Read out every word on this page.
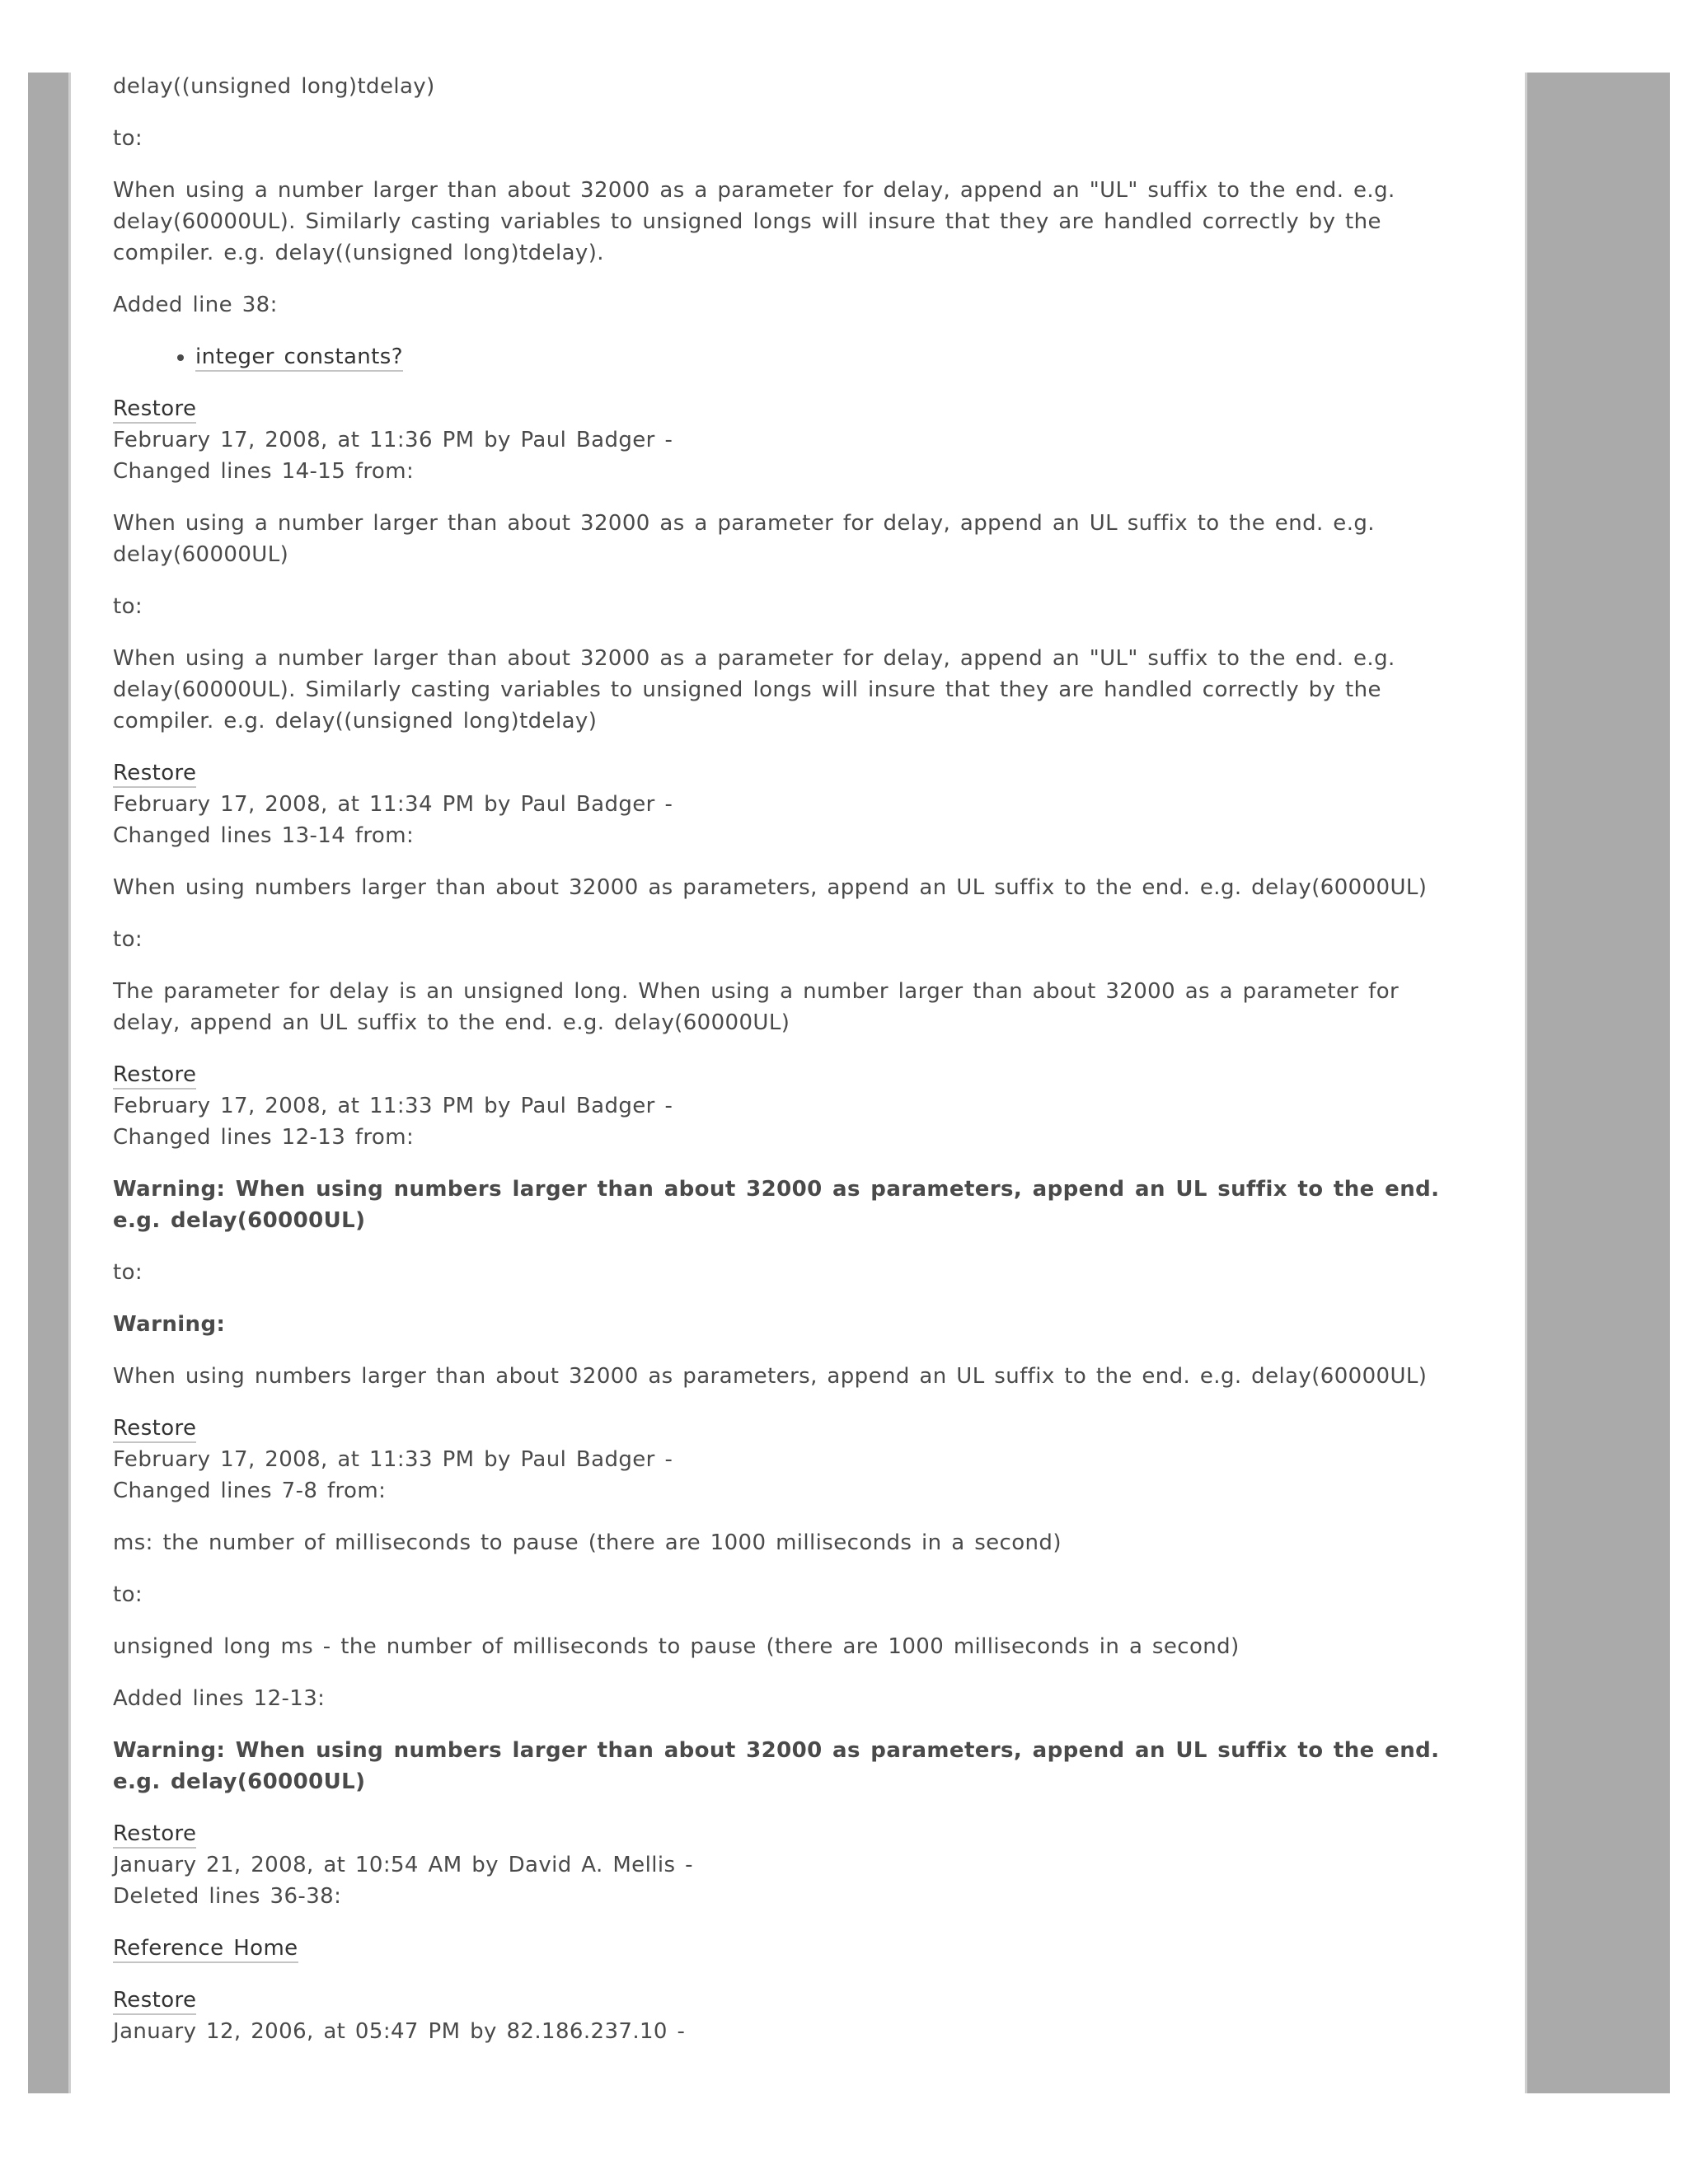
delay((unsigned long)tdelay)

to:

When using a number larger than about 32000 as a parameter for delay, append an "UL" suffix to the end. e.g. delay(60000UL). Similarly casting variables to unsigned longs will insure that they are handled correctly by the compiler. e.g. delay((unsigned long)tdelay).

Added line 38:

• integer constants?
Restore
February 17, 2008, at 11:36 PM by Paul Badger -
Changed lines 14-15 from:

When using a number larger than about 32000 as a parameter for delay, append an UL suffix to the end. e.g. delay(60000UL)

to:

When using a number larger than about 32000 as a parameter for delay, append an "UL" suffix to the end. e.g. delay(60000UL). Similarly casting variables to unsigned longs will insure that they are handled correctly by the compiler. e.g. delay((unsigned long)tdelay)

Restore
February 17, 2008, at 11:34 PM by Paul Badger -
Changed lines 13-14 from:

When using numbers larger than about 32000 as parameters, append an UL suffix to the end. e.g. delay(60000UL)

to:

The parameter for delay is an unsigned long. When using a number larger than about 32000 as a parameter for delay, append an UL suffix to the end. e.g. delay(60000UL)

Restore
February 17, 2008, at 11:33 PM by Paul Badger -
Changed lines 12-13 from:

Warning: When using numbers larger than about 32000 as parameters, append an UL suffix to the end. e.g. delay(60000UL)

to:

Warning:

When using numbers larger than about 32000 as parameters, append an UL suffix to the end. e.g. delay(60000UL)

Restore
February 17, 2008, at 11:33 PM by Paul Badger -
Changed lines 7-8 from:

ms: the number of milliseconds to pause (there are 1000 milliseconds in a second)

to:

unsigned long ms - the number of milliseconds to pause (there are 1000 milliseconds in a second)

Added lines 12-13:

Warning: When using numbers larger than about 32000 as parameters, append an UL suffix to the end. e.g. delay(60000UL)

Restore
January 21, 2008, at 10:54 AM by David A. Mellis -
Deleted lines 36-38:

Reference Home

Restore
January 12, 2006, at 05:47 PM by 82.186.237.10 -
